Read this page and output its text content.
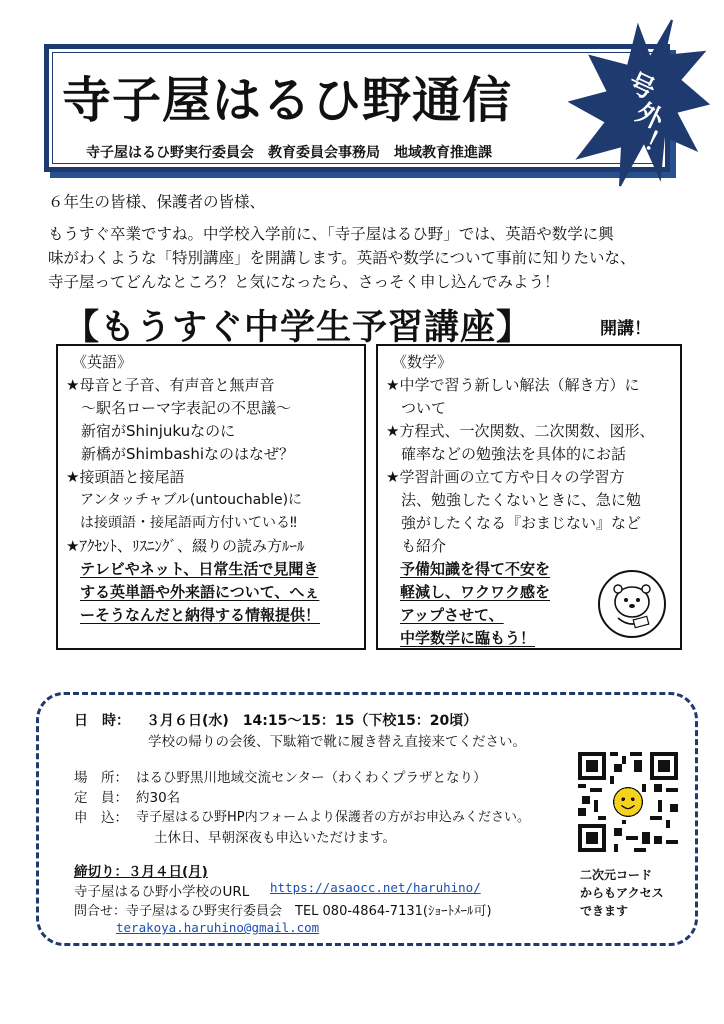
寺子屋はるひ野通信
寺子屋はるひ野実行委員会　教育委員会事務局　地域教育推進課
号
外
！
６年生の皆様、保護者の皆様、
もうすぐ卒業ですね。中学校入学前に、「寺子屋はるひ野」では、英語や数学に興
味がわくような「特別講座」を開講します。英語や数学について事前に知りたいな、
寺子屋ってどんなところ？と気になったら、さっそく申し込んでみよう！
【もうすぐ中学生予習講座】	開講！
《英語》
★母音と子音、有声音と無声音
　～駅名ローマ字表記の不思議～
　新宿がShinjukuなのに
　新橋がShimbashiなのはなぜ？
★接頭語と接尾語
　アンタッチャブル(untouchable)に
　は接頭語・接尾語両方付いている‼
★ｱｸｾﾝﾄ、ﾘｽﾆﾝｸﾞ、綴りの読み方ﾙｰﾙ
テレビやネット、日常生活で見聞き
する英単語や外来語について、へぇ
ーそうなんだと納得する情報提供！
《数学》
★中学で習う新しい解法（解き方）に
　ついて
★方程式、一次関数、二次関数、図形、
　確率などの勉強法を具体的にお話
★学習計画の立て方や日々の学習方
　法、勉強したくないときに、急に勉
　強がしたくなる『おまじない』など
　も紹介
予備知識を得て不安を
軽減し、ワクワク感を
アップさせて、
中学数学に臨もう！
日　時： ３月６日(水)　14:15～15：15（下校15：20頃）
学校の帰りの会後、下駄箱で靴に履き替え直接来てください。
場　所： はるひ野黒川地域交流センター（わくわくプラザとなり）
定　員： 約30名
申　込： 寺子屋はるひ野HP内フォームより保護者の方がお申込みください。
土休日、早朝深夜も申込いただけます。
締切り：３月４日(月)
寺子屋はるひ野小学校のURL https://asaocc.net/haruhino/
問合せ：寺子屋はるひ野実行委員会　TEL 080-4864-7131(ｼｮｰﾄﾒｰﾙ可)
terakoya.haruhino@gmail.com
二次元コード
からもアクセス
できます
